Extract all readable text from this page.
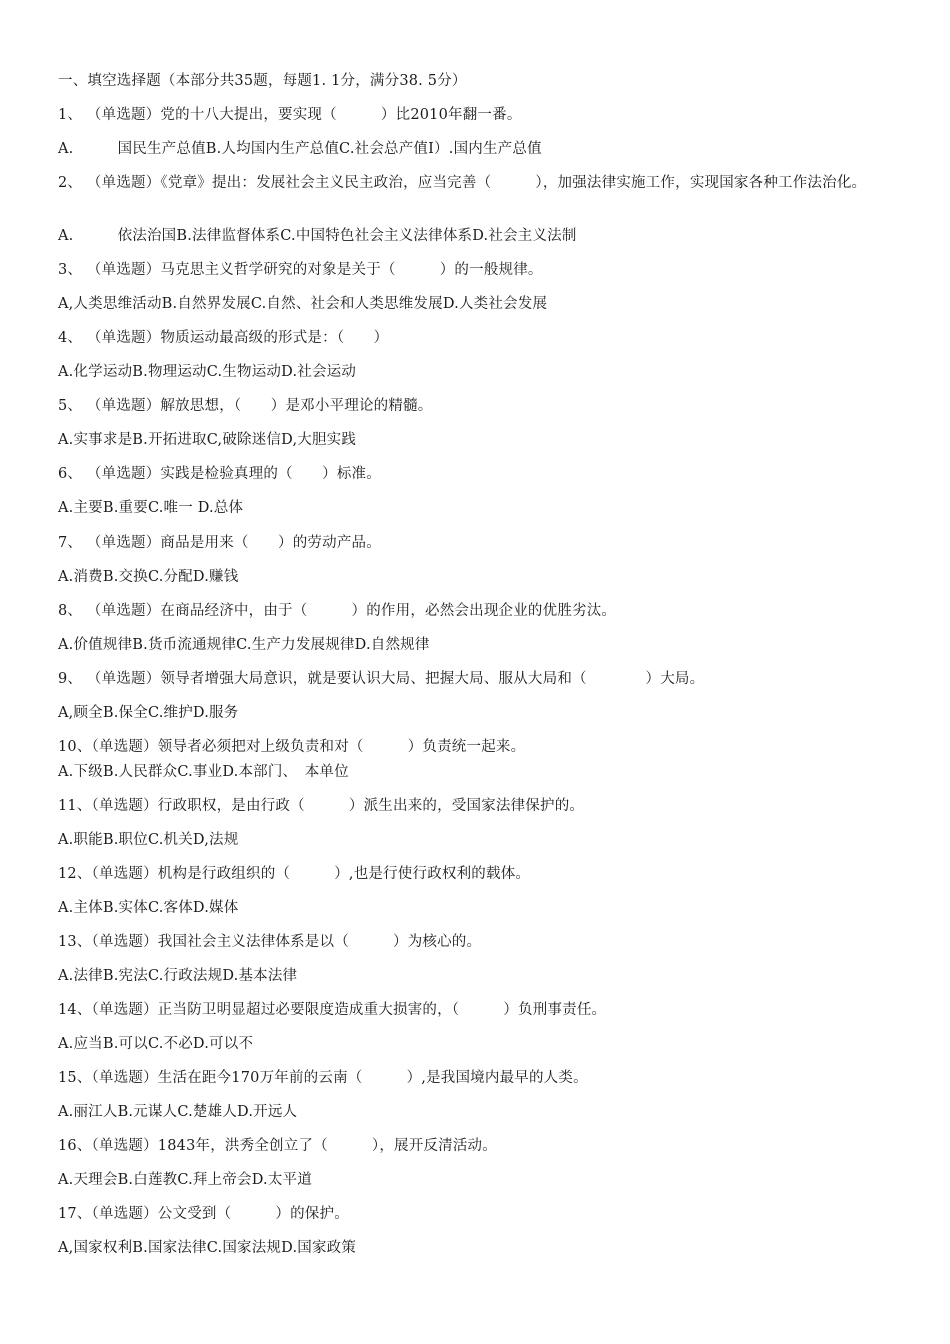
一、填空选择题（本部分共35题，每题1. 1分，满分38. 5分）
1、 （单选题）党的十八大提出，要实现（　　　）比2010年翻一番。
A.　　　国民生产总值B.人均国内生产总值C.社会总产值I）.国内生产总值
2、 （单选题）《党章》提出：发展社会主义民主政治，应当完善（　　　），加强法律实施工作，实现国家各种工作法治化。
A.　　　依法治国B.法律监督体系C.中国特色社会主义法律体系D.社会主义法制
3、 （单选题）马克思主义哲学研究的对象是关于（　　　）的一般规律。
A,人类思维活动B.自然界发展C.自然、社会和人类思维发展D.人类社会发展
4、 （单选题）物质运动最高级的形式是：（　　）
A.化学运动B.物理运动C.生物运动D.社会运动
5、 （单选题）解放思想，（　　）是邓小平理论的精髓。
A.实事求是B.开拓进取C,破除迷信D,大胆实践
6、 （单选题）实践是检验真理的（　　）标准。
A.主要B.重要C.唯一 D.总体
7、 （单选题）商品是用来（　　）的劳动产品。
A.消费B.交换C.分配D.赚钱
8、 （单选题）在商品经济中，由于（　　　）的作用，必然会出现企业的优胜劣汰。
A.价值规律B.货币流通规律C.生产力发展规律D.自然规律
9、 （单选题）领导者增强大局意识，就是要认识大局、把握大局、服从大局和（　　　　）大局。
A,顾全B.保全C.维护D.服务
10、（单选题）领导者必须把对上级负责和对（　　　）负责统一起来。
A.下级B.人民群众C.事业D.本部门、　本单位
11、（单选题）行政职权，是由行政（　　　）派生出来的，受国家法律保护的。
A.职能B.职位C.机关D,法规
12、（单选题）机构是行政组织的（　　　）,也是行使行政权利的载体。
A.主体B.实体C.客体D.媒体
13、（单选题）我国社会主义法律体系是以（　　　）为核心的。
A.法律B.宪法C.行政法规D.基本法律
14、（单选题）正当防卫明显超过必要限度造成重大损害的，（　　　）负刑事责任。
A.应当B.可以C.不必D.可以不
15、（单选题）生活在距今170万年前的云南（　　　）,是我国境内最早的人类。
A.丽江人B.元谋人C.楚雄人D.开远人
16、（单选题）1843年，洪秀全创立了（　　　），展开反清活动。
A.天理会B.白莲教C.拜上帝会D.太平道
17、（单选题）公文受到（　　　）的保护。
A,国家权利B.国家法律C.国家法规D.国家政策
